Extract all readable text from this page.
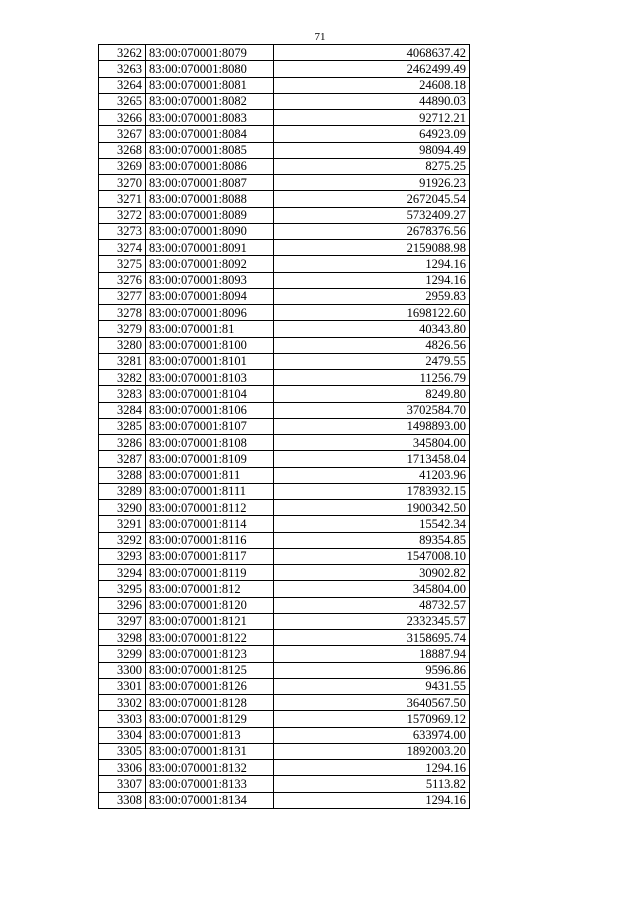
71
3262	83:00:070001:8079	4068637.42
3263	83:00:070001:8080	2462499.49
3264	83:00:070001:8081	24608.18
3265	83:00:070001:8082	44890.03
3266	83:00:070001:8083	92712.21
3267	83:00:070001:8084	64923.09
3268	83:00:070001:8085	98094.49
3269	83:00:070001:8086	8275.25
3270	83:00:070001:8087	91926.23
3271	83:00:070001:8088	2672045.54
3272	83:00:070001:8089	5732409.27
3273	83:00:070001:8090	2678376.56
3274	83:00:070001:8091	2159088.98
3275	83:00:070001:8092	1294.16
3276	83:00:070001:8093	1294.16
3277	83:00:070001:8094	2959.83
3278	83:00:070001:8096	1698122.60
3279	83:00:070001:81	40343.80
3280	83:00:070001:8100	4826.56
3281	83:00:070001:8101	2479.55
3282	83:00:070001:8103	11256.79
3283	83:00:070001:8104	8249.80
3284	83:00:070001:8106	3702584.70
3285	83:00:070001:8107	1498893.00
3286	83:00:070001:8108	345804.00
3287	83:00:070001:8109	1713458.04
3288	83:00:070001:811	41203.96
3289	83:00:070001:8111	1783932.15
3290	83:00:070001:8112	1900342.50
3291	83:00:070001:8114	15542.34
3292	83:00:070001:8116	89354.85
3293	83:00:070001:8117	1547008.10
3294	83:00:070001:8119	30902.82
3295	83:00:070001:812	345804.00
3296	83:00:070001:8120	48732.57
3297	83:00:070001:8121	2332345.57
3298	83:00:070001:8122	3158695.74
3299	83:00:070001:8123	18887.94
3300	83:00:070001:8125	9596.86
3301	83:00:070001:8126	9431.55
3302	83:00:070001:8128	3640567.50
3303	83:00:070001:8129	1570969.12
3304	83:00:070001:813	633974.00
3305	83:00:070001:8131	1892003.20
3306	83:00:070001:8132	1294.16
3307	83:00:070001:8133	5113.82
3308	83:00:070001:8134	1294.16
